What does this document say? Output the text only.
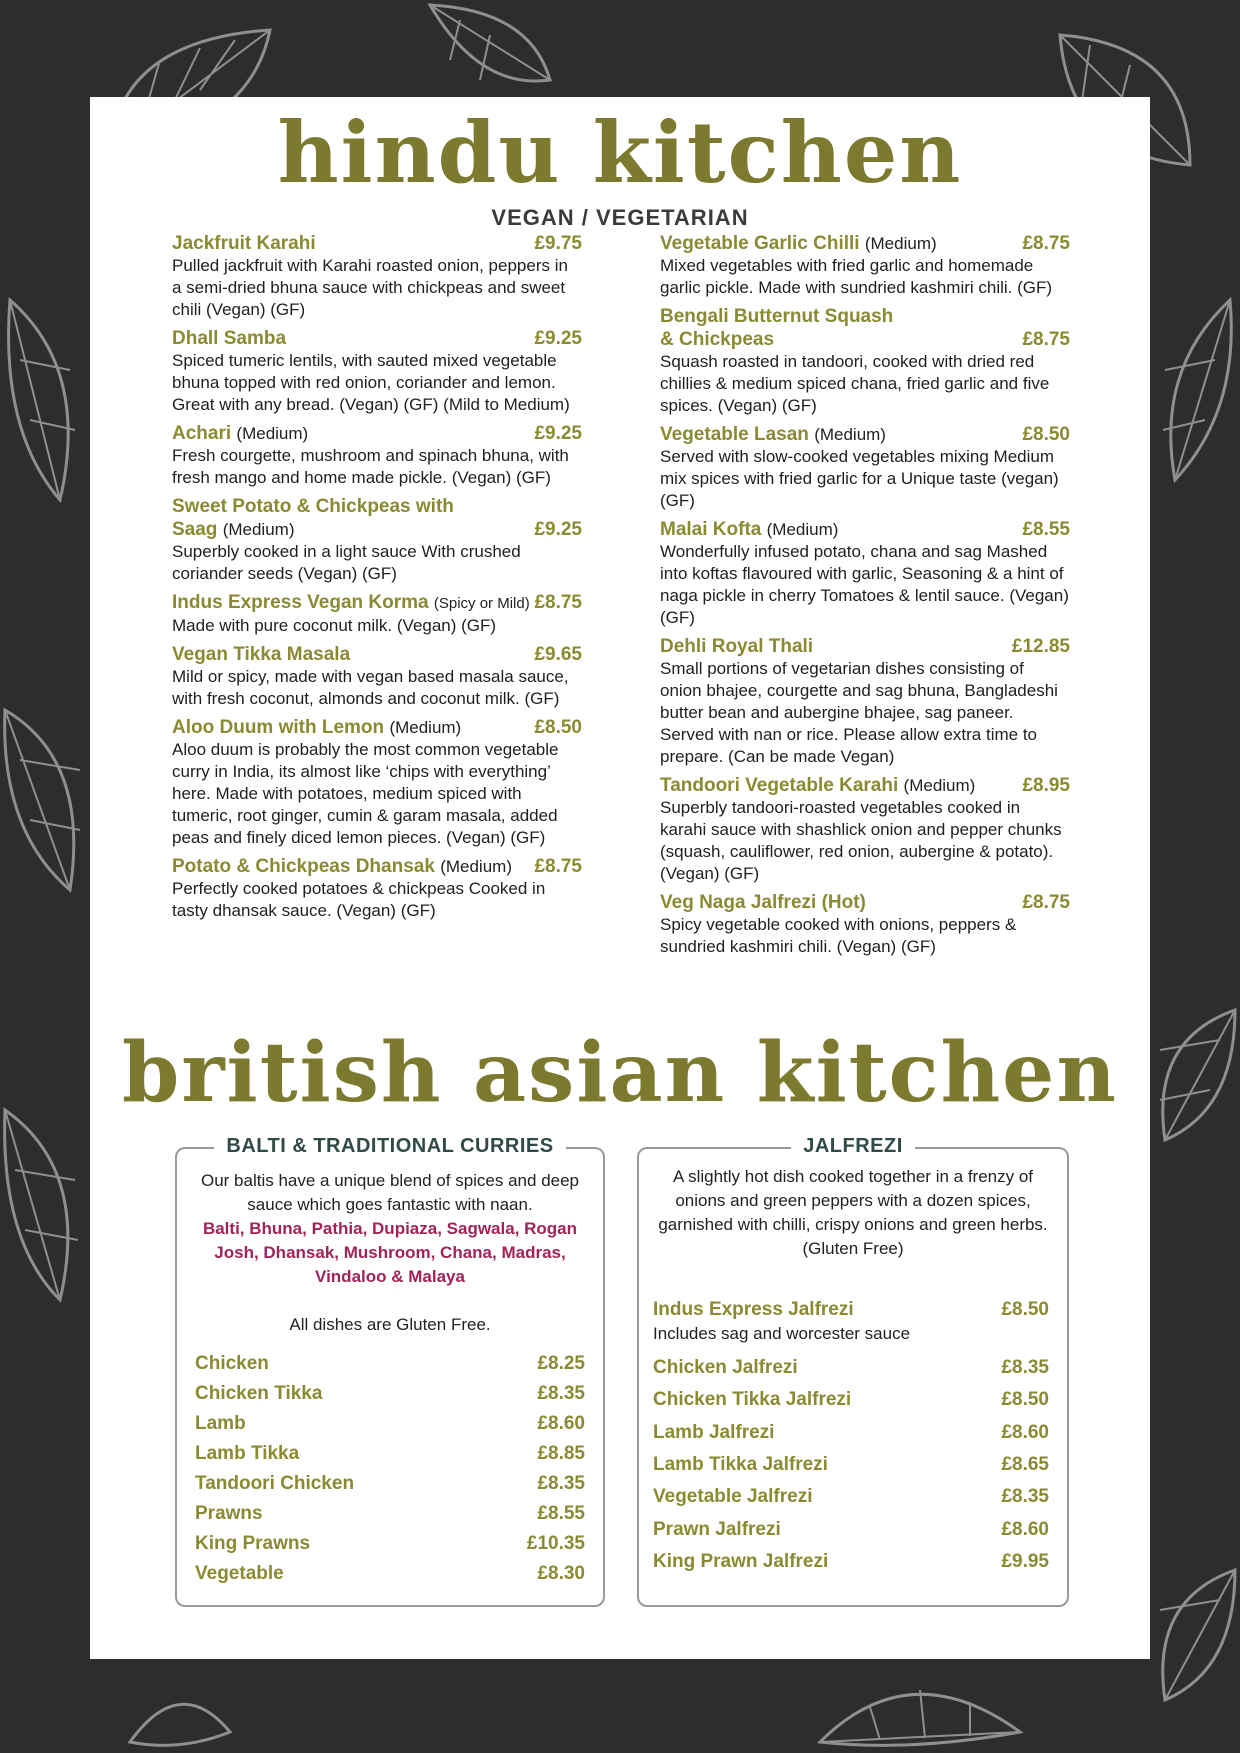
hindu kitchen
VEGAN / VEGETARIAN
Jackfruit Karahi	£9.75
Pulled jackfruit with Karahi roasted onion, peppers in a semi-dried bhuna sauce with chickpeas and sweet chili (Vegan) (GF)
Dhall Samba	£9.25
Spiced tumeric lentils, with sauted mixed vegetable bhuna topped with red onion, coriander and lemon. Great with any bread. (Vegan) (GF) (Mild to Medium)
Achari (Medium)	£9.25
Fresh courgette, mushroom and spinach bhuna, with fresh mango and home made pickle. (Vegan) (GF)
Sweet Potato & Chickpeas with Saag (Medium)	£9.25
Superbly cooked in a light sauce With crushed coriander seeds (Vegan) (GF)
Indus Express Vegan Korma (Spicy or Mild) £8.75
Made with pure coconut milk. (Vegan) (GF)
Vegan Tikka Masala	£9.65
Mild or spicy, made with vegan based masala sauce, with fresh coconut, almonds and coconut milk. (GF)
Aloo Duum with Lemon (Medium)	£8.50
Aloo duum is probably the most common vegetable curry in India, its almost like ‘chips with everything’ here. Made with potatoes, medium spiced with tumeric, root ginger, cumin & garam masala, added peas and finely diced lemon pieces. (Vegan) (GF)
Potato & Chickpeas Dhansak (Medium) £8.75
Perfectly cooked potatoes & chickpeas Cooked in tasty dhansak sauce. (Vegan) (GF)
Vegetable Garlic Chilli (Medium)	£8.75
Mixed vegetables with fried garlic and homemade garlic pickle. Made with sundried kashmiri chili. (GF)
Bengali Butternut Squash & Chickpeas	£8.75
Squash roasted in tandoori, cooked with dried red chillies & medium spiced chana, fried garlic and five spices. (Vegan) (GF)
Vegetable Lasan (Medium)	£8.50
Served with slow-cooked vegetables mixing Medium mix spices with fried garlic for a Unique taste (vegan) (GF)
Malai Kofta (Medium)	£8.55
Wonderfully infused potato, chana and sag Mashed into koftas flavoured with garlic, Seasoning & a hint of naga pickle in cherry Tomatoes & lentil sauce. (Vegan) (GF)
Dehli Royal Thali	£12.85
Small portions of vegetarian dishes consisting of onion bhajee, courgette and sag bhuna, Bangladeshi butter bean and aubergine bhajee, sag paneer. Served with nan or rice. Please allow extra time to prepare. (Can be made Vegan)
Tandoori Vegetable Karahi (Medium) £8.95
Superbly tandoori-roasted vegetables cooked in karahi sauce with shashlick onion and pepper chunks (squash, cauliflower, red onion, aubergine & potato). (Vegan) (GF)
Veg Naga Jalfrezi (Hot)	£8.75
Spicy vegetable cooked with onions, peppers & sundried kashmiri chili. (Vegan) (GF)
british asian kitchen
BALTI & TRADITIONAL CURRIES
Our baltis have a unique blend of spices and deep sauce which goes fantastic with naan.
Balti, Bhuna, Pathia, Dupiaza, Sagwala, Rogan Josh, Dhansak, Mushroom, Chana, Madras, Vindaloo & Malaya
All dishes are Gluten Free.
Chicken	£8.25
Chicken Tikka	£8.35
Lamb	£8.60
Lamb Tikka	£8.85
Tandoori Chicken	£8.35
Prawns	£8.55
King Prawns	£10.35
Vegetable	£8.30
JALFREZI
A slightly hot dish cooked together in a frenzy of onions and green peppers with a dozen spices, garnished with chilli, crispy onions and green herbs. (Gluten Free)
Indus Express Jalfrezi	£8.50
Includes sag and worcester sauce
Chicken Jalfrezi	£8.35
Chicken Tikka Jalfrezi	£8.50
Lamb Jalfrezi	£8.60
Lamb Tikka Jalfrezi	£8.65
Vegetable Jalfrezi	£8.35
Prawn Jalfrezi	£8.60
King Prawn Jalfrezi	£9.95
